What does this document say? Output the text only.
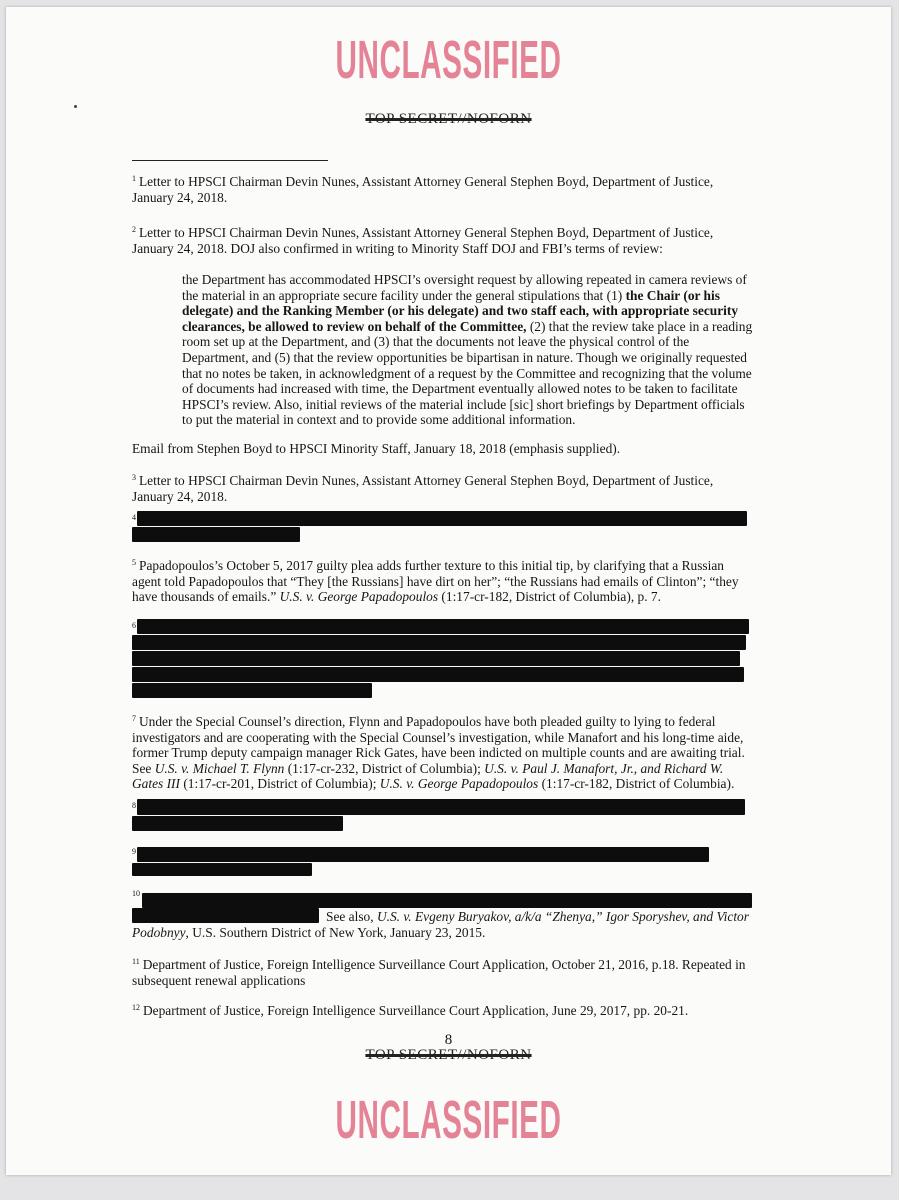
UNCLASSIFIED
TOP SECRET//NOFORN
$^1$ Letter to HPSCI Chairman Devin Nunes, Assistant Attorney General Stephen Boyd, Department of Justice, January 24, 2018.
$^2$ Letter to HPSCI Chairman Devin Nunes, Assistant Attorney General Stephen Boyd, Department of Justice, January 24, 2018. DOJ also confirmed in writing to Minority Staff DOJ and FBI’s terms of review:
the Department has accommodated HPSCI’s oversight request by allowing repeated in camera reviews of the material in an appropriate secure facility under the general stipulations that (1) the Chair (or his delegate) and the Ranking Member (or his delegate) and two staff each, with appropriate security clearances, be allowed to review on behalf of the Committee, (2) that the review take place in a reading room set up at the Department, and (3) that the documents not leave the physical control of the Department, and (5) that the review opportunities be bipartisan in nature. Though we originally requested that no notes be taken, in acknowledgment of a request by the Committee and recognizing that the volume of documents had increased with time, the Department eventually allowed notes to be taken to facilitate HPSCI’s review. Also, initial reviews of the material include [sic] short briefings by Department officials to put the material in context and to provide some additional information.
Email from Stephen Boyd to HPSCI Minority Staff, January 18, 2018 (emphasis supplied).
$^3$ Letter to HPSCI Chairman Devin Nunes, Assistant Attorney General Stephen Boyd, Department of Justice, January 24, 2018.
4
$^5$ Papadopoulos’s October 5, 2017 guilty plea adds further texture to this initial tip, by clarifying that a Russian agent told Papadopoulos that “They [the Russians] have dirt on her”; “the Russians had emails of Clinton”; “they have thousands of emails.” U.S. v. George Papadopoulos (1:17-cr-182, District of Columbia), p. 7.
6
$^7$ Under the Special Counsel’s direction, Flynn and Papadopoulos have both pleaded guilty to lying to federal investigators and are cooperating with the Special Counsel’s investigation, while Manafort and his long-time aide, former Trump deputy campaign manager Rick Gates, have been indicted on multiple counts and are awaiting trial. See U.S. v. Michael T. Flynn (1:17-cr-232, District of Columbia); U.S. v. Paul J. Manafort, Jr., and Richard W. Gates III (1:17-cr-201, District of Columbia); U.S. v. George Papadopoulos (1:17-cr-182, District of Columbia).
8
9
10
See also, U.S. v. Evgeny Buryakov, a/k/a “Zhenya,” Igor Sporyshev, and Victor Podobnyy, U.S. Southern District of New York, January 23, 2015.
$^{11}$ Department of Justice, Foreign Intelligence Surveillance Court Application, October 21, 2016, p.18. Repeated in subsequent renewal applications
$^{12}$ Department of Justice, Foreign Intelligence Surveillance Court Application, June 29, 2017, pp. 20-21.
8
TOP SECRET//NOFORN
UNCLASSIFIED
